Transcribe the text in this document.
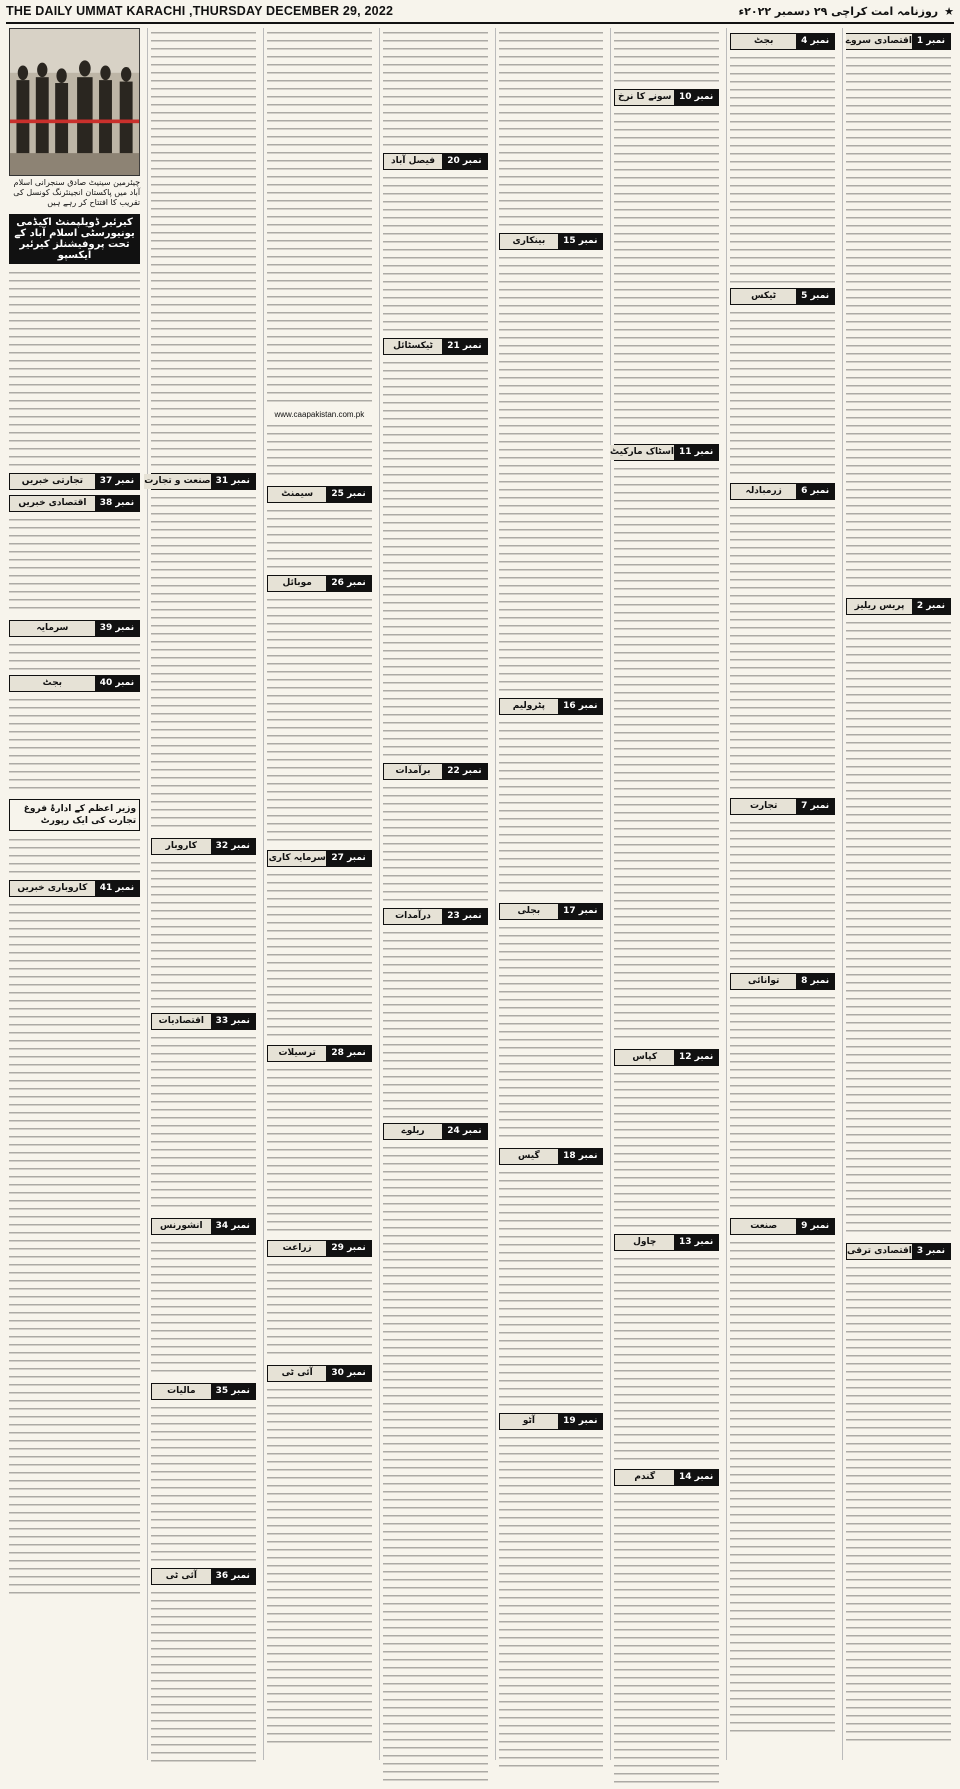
THE DAILY UMMAT KARACHI ,THURSDAY DECEMBER 29, 2022	★روزنامہ امت کراچی ۲۹ دسمبر ۲۰۲۲ء
نمبر 1
اقتصادی سروے
نمبر 2
پریس ریلیز
نمبر 3
اقتصادی ترقی
نمبر 4
بجٹ
نمبر 5
ٹیکس
نمبر 6
زرمبادلہ
نمبر 7
تجارت
نمبر 8
توانائی
نمبر 9
صنعت
نمبر 10
سونے کا نرخ
نمبر 11
اسٹاک مارکیٹ
نمبر 12
کپاس
نمبر 13
چاول
نمبر 14
گندم
نمبر 15
بینکاری
نمبر 16
پٹرولیم
نمبر 17
بجلی
نمبر 18
گیس
نمبر 19
آٹو
نمبر 20
فیصل آباد
نمبر 21
ٹیکسٹائل
نمبر 22
برآمدات
نمبر 23
درآمدات
نمبر 24
ریلوے
www.caapakistan.com.pk
نمبر 25
سیمنٹ
نمبر 26
موبائل
نمبر 27
سرمایہ کاری
نمبر 28
ترسیلات
نمبر 29
زراعت
نمبر 30
آئی ٹی
نمبر 31
صنعت و تجارت
نمبر 32
کاروبار
نمبر 33
اقتصادیات
نمبر 34
انشورنس
نمبر 35
مالیات
نمبر 36
آئی ٹی
چیئرمین سینیٹ صادق سنجرانی اسلام آباد میں پاکستان انجینئرنگ کونسل کی تقریب کا افتتاح کر رہے ہیں
کیرئیر ڈویلپمنٹ اکیڈمی یونیورسٹی اسلام آباد کے تحت پروفیشنلز کیرئیر ایکسپو
نمبر 37
تجارتی خبریں
نمبر 38
اقتصادی خبریں
نمبر 39
سرمایہ
نمبر 40
بجٹ
وزیر اعظم کے ادارۂ فروغ تجارت کی ایک رپورٹ
نمبر 41
کاروباری خبریں
